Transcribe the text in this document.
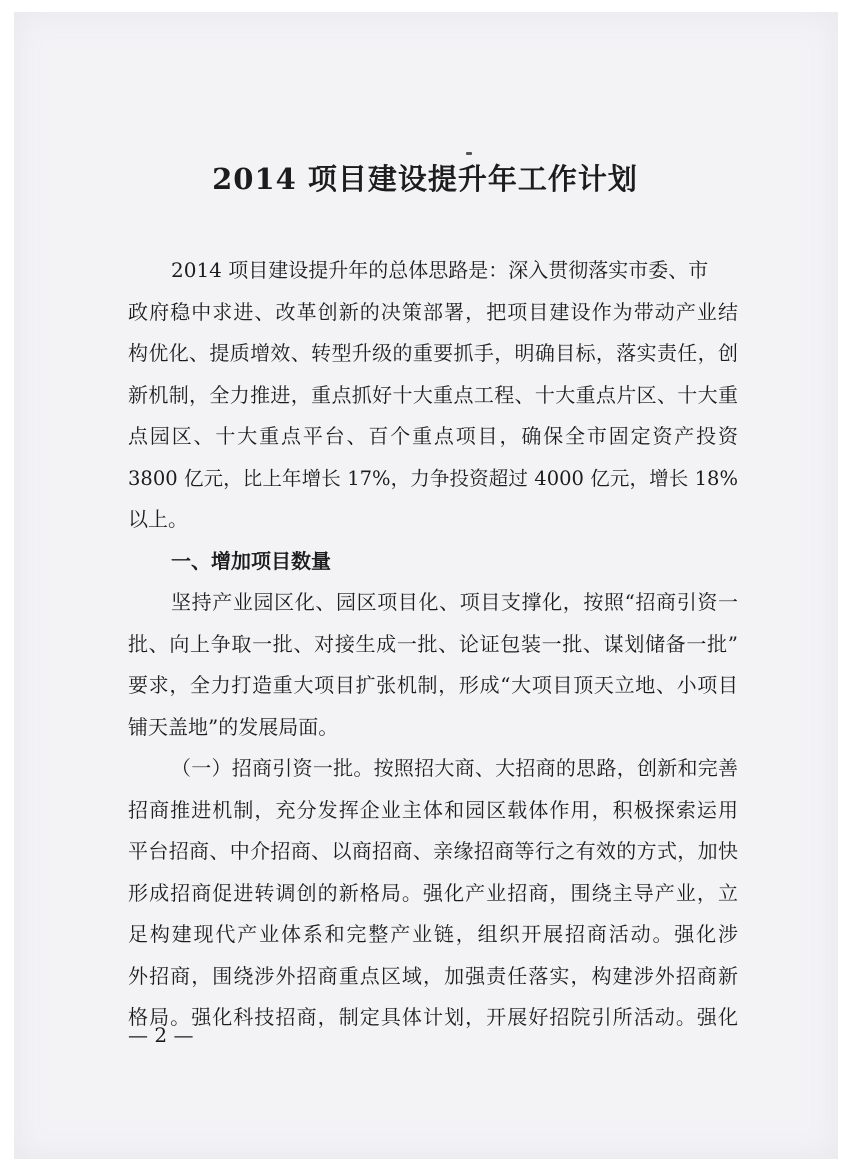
2014 项目建设提升年工作计划
2014 项目建设提升年的总体思路是：深入贯彻落实市委、市
政府稳中求进、改革创新的决策部署，把项目建设作为带动产业结
构优化、提质增效、转型升级的重要抓手，明确目标，落实责任，创
新机制，全力推进，重点抓好十大重点工程、十大重点片区、十大重
点园区、十大重点平台、百个重点项目，确保全市固定资产投资
3800 亿元，比上年增长 17%，力争投资超过 4000 亿元，增长 18%
以上。
一、增加项目数量
坚持产业园区化、园区项目化、项目支撑化，按照“招商引资一
批、向上争取一批、对接生成一批、论证包装一批、谋划储备一批”
要求，全力打造重大项目扩张机制，形成“大项目顶天立地、小项目
铺天盖地”的发展局面。
（一）招商引资一批。按照招大商、大招商的思路，创新和完善
招商推进机制，充分发挥企业主体和园区载体作用，积极探索运用
平台招商、中介招商、以商招商、亲缘招商等行之有效的方式，加快
形成招商促进转调创的新格局。强化产业招商，围绕主导产业，立
足构建现代产业体系和完整产业链，组织开展招商活动。强化涉
外招商，围绕涉外招商重点区域，加强责任落实，构建涉外招商新
格局。强化科技招商，制定具体计划，开展好招院引所活动。强化
— 2 —
